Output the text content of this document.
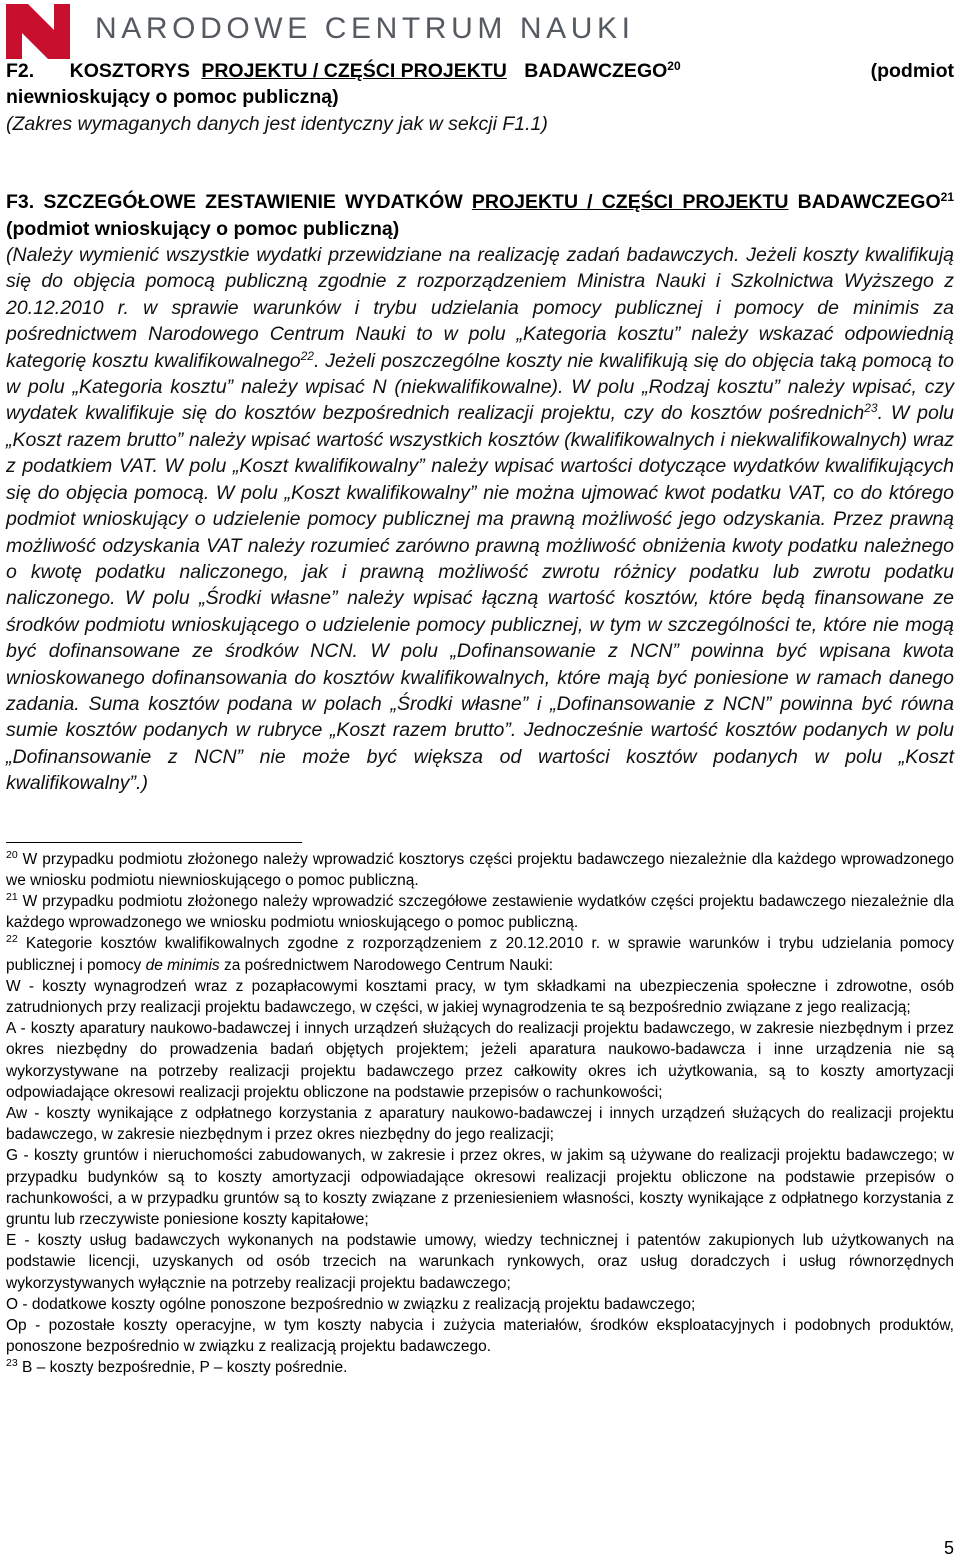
NARODOWE CENTRUM NAUKI

(podmiot
F2. KOSZTORYS PROJEKTU / CZĘŚCI PROJEKTU BADAWCZEGO$^{20}$
niewnioskujący o pomoc publiczną)

(Zakres wymaganych danych jest identyczny jak w sekcji F1.1)

F3. SZCZEGÓŁOWE ZESTAWIENIE WYDATKÓW PROJEKTU / CZĘŚCI PROJEKTU BADAWCZEGO$^{21}$ (podmiot wnioskujący o pomoc publiczną)

(Należy wymienić wszystkie wydatki przewidziane na realizację zadań badawczych. Jeżeli koszty kwalifikują się do objęcia pomocą publiczną zgodnie z rozporządzeniem Ministra Nauki i Szkolnictwa Wyższego z 20.12.2010 r. w sprawie warunków i trybu udzielania pomocy publicznej i pomocy de minimis za pośrednictwem Narodowego Centrum Nauki to w polu „Kategoria kosztu” należy wskazać odpowiednią kategorię kosztu kwalifikowalnego$^{22}$. Jeżeli poszczególne koszty nie kwalifikują się do objęcia taką pomocą to w polu „Kategoria kosztu” należy wpisać N (niekwalifikowalne). W polu „Rodzaj kosztu” należy wpisać, czy wydatek kwalifikuje się do kosztów bezpośrednich realizacji projektu, czy do kosztów pośrednich$^{23}$. W polu „Koszt razem brutto” należy wpisać wartość wszystkich kosztów (kwalifikowalnych i niekwalifikowalnych) wraz z podatkiem VAT. W polu „Koszt kwalifikowalny” należy wpisać wartości dotyczące wydatków kwalifikujących się do objęcia pomocą. W polu „Koszt kwalifikowalny” nie można ujmować kwot podatku VAT, co do którego podmiot wnioskujący o udzielenie pomocy publicznej ma prawną możliwość jego odzyskania. Przez prawną możliwość odzyskania VAT należy rozumieć zarówno prawną możliwość obniżenia kwoty podatku należnego o kwotę podatku naliczonego, jak i prawną możliwość zwrotu różnicy podatku lub zwrotu podatku naliczonego. W polu „Środki własne” należy wpisać łączną wartość kosztów, które będą finansowane ze środków podmiotu wnioskującego o udzielenie pomocy publicznej, w tym w szczególności te, które nie mogą być dofinansowane ze środków NCN. W polu „Dofinansowanie z NCN” powinna być wpisana kwota wnioskowanego dofinansowania do kosztów kwalifikowalnych, które mają być poniesione w ramach danego zadania. Suma kosztów podana w polach „Środki własne” i „Dofinansowanie z NCN” powinna być równa sumie kosztów podanych w rubryce „Koszt razem brutto”. Jednocześnie wartość kosztów podanych w polu „Dofinansowanie z NCN” nie może być większa od wartości kosztów podanych w polu „Koszt kwalifikowalny”.)

$^{20}$ W przypadku podmiotu złożonego należy wprowadzić kosztorys części projektu badawczego niezależnie dla każdego wprowadzonego we wniosku podmiotu niewnioskującego o pomoc publiczną.

$^{21}$ W przypadku podmiotu złożonego należy wprowadzić szczegółowe zestawienie wydatków części projektu badawczego niezależnie dla każdego wprowadzonego we wniosku podmiotu wnioskującego o pomoc publiczną.

$^{22}$ Kategorie kosztów kwalifikowalnych zgodne z rozporządzeniem z 20.12.2010 r. w sprawie warunków i trybu udzielania pomocy publicznej i pomocy de minimis za pośrednictwem Narodowego Centrum Nauki:

W - koszty wynagrodzeń wraz z pozapłacowymi kosztami pracy, w tym składkami na ubezpieczenia społeczne i zdrowotne, osób zatrudnionych przy realizacji projektu badawczego, w części, w jakiej wynagrodzenia te są bezpośrednio związane z jego realizacją;

A - koszty aparatury naukowo-badawczej i innych urządzeń służących do realizacji projektu badawczego, w zakresie niezbędnym i przez okres niezbędny do prowadzenia badań objętych projektem; jeżeli aparatura naukowo-badawcza i inne urządzenia nie są wykorzystywane na potrzeby realizacji projektu badawczego przez całkowity okres ich użytkowania, są to koszty amortyzacji odpowiadające okresowi realizacji projektu obliczone na podstawie przepisów o rachunkowości;

Aw - koszty wynikające z odpłatnego korzystania z aparatury naukowo-badawczej i innych urządzeń służących do realizacji projektu badawczego, w zakresie niezbędnym i przez okres niezbędny do jego realizacji;

G - koszty gruntów i nieruchomości zabudowanych, w zakresie i przez okres, w jakim są używane do realizacji projektu badawczego; w przypadku budynków są to koszty amortyzacji odpowiadające okresowi realizacji projektu obliczone na podstawie przepisów o rachunkowości, a w przypadku gruntów są to koszty związane z przeniesieniem własności, koszty wynikające z odpłatnego korzystania z gruntu lub rzeczywiste poniesione koszty kapitałowe;

E - koszty usług badawczych wykonanych na podstawie umowy, wiedzy technicznej i patentów zakupionych lub użytkowanych na podstawie licencji, uzyskanych od osób trzecich na warunkach rynkowych, oraz usług doradczych i usług równorzędnych wykorzystywanych wyłącznie na potrzeby realizacji projektu badawczego;

O - dodatkowe koszty ogólne ponoszone bezpośrednio w związku z realizacją projektu badawczego;

Op - pozostałe koszty operacyjne, w tym koszty nabycia i zużycia materiałów, środków eksploatacyjnych i podobnych produktów, ponoszone bezpośrednio w związku z realizacją projektu badawczego.

$^{23}$ B – koszty bezpośrednie, P – koszty pośrednie.

5
